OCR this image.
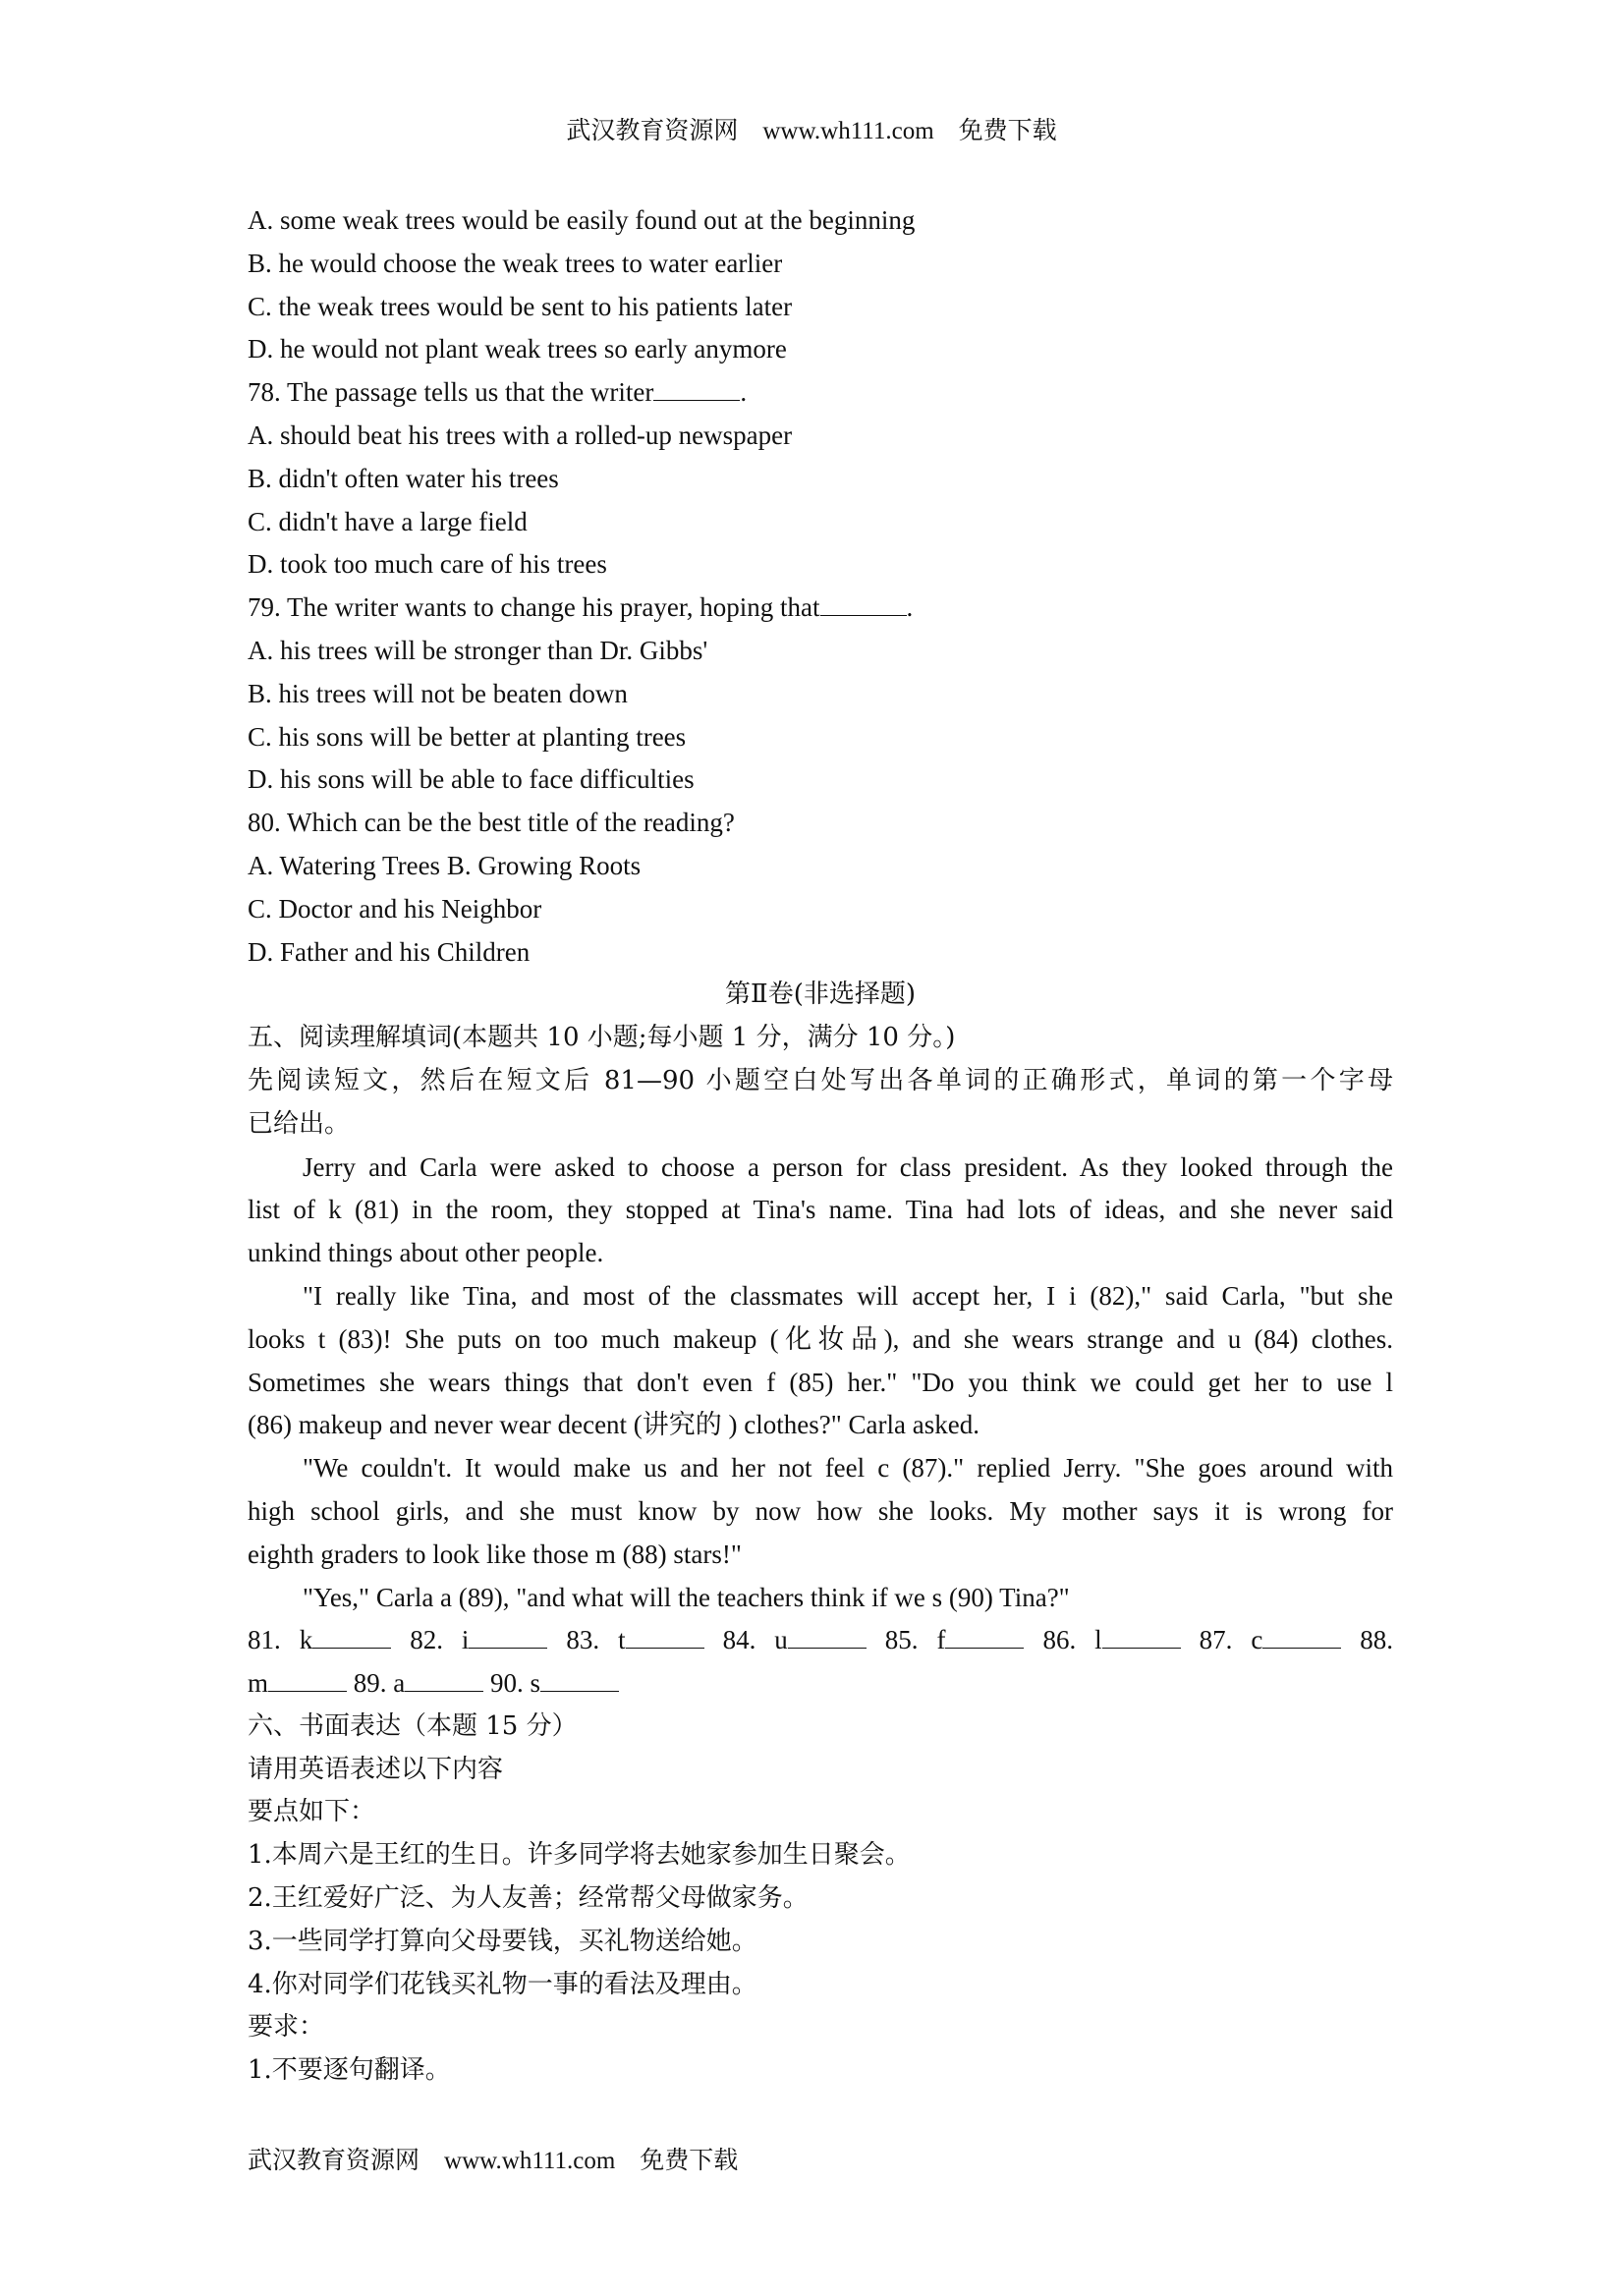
武汉教育资源网 www.wh111.com 免费下载
A. some weak trees would be easily found out at the beginning
B. he would choose the weak trees to water earlier
C. the weak trees would be sent to his patients later
D. he would not plant weak trees so early anymore
78. The passage tells us that the writer	.
A. should beat his trees with a rolled-up newspaper
B. didn't often water his trees
C. didn't have a large field
D. took too much care of his trees
79. The writer wants to change his prayer, hoping that	.
A. his trees will be stronger than Dr. Gibbs'
B. his trees will not be beaten down
C. his sons will be better at planting trees
D. his sons will be able to face difficulties
80. Which can be the best title of the reading?
A. Watering Trees B. Growing Roots
C. Doctor and his Neighbor
D. Father and his Children
第Ⅱ卷(非选择题)
五、阅读理解填词(本题共 10 小题;每小题 1 分，满分 10 分。)
先阅读短文，然后在短文后 81—90 小题空白处写出各单词的正确形式，单词的第一个字母
已给出。
Jerry and Carla were asked to choose a person for class president. As they looked through the
list of k (81) in the room, they stopped at Tina's name. Tina had lots of ideas, and she never said
unkind things about other people.
"I really like Tina, and most of the classmates will accept her, I i (82)," said Carla, "but she
looks t (83)! She puts on too much makeup (化妆品), and she wears strange and u (84) clothes.
Sometimes she wears things that don't even f (85) her." "Do you think we could get her to use l
(86) makeup and never wear decent (讲究的 ) clothes?" Carla asked.
"We couldn't. It would make us and her not feel c (87)." replied Jerry. "She goes around with
high school girls, and she must know by now how she looks. My mother says it is wrong for
eighth graders to look like those m (88) stars!"
"Yes," Carla a (89), "and what will the teachers think if we s (90) Tina?"
81. k	82. i	83. t	84. u	85. f	86. l	87. c	88.
m	89. a	90. s
六、书面表达（本题 15 分）
请用英语表述以下内容
要点如下：
1.本周六是王红的生日。许多同学将去她家参加生日聚会。
2.王红爱好广泛、为人友善；经常帮父母做家务。
3.一些同学打算向父母要钱，买礼物送给她。
4.你对同学们花钱买礼物一事的看法及理由。
要求：
1.不要逐句翻译。
武汉教育资源网 www.wh111.com 免费下载
